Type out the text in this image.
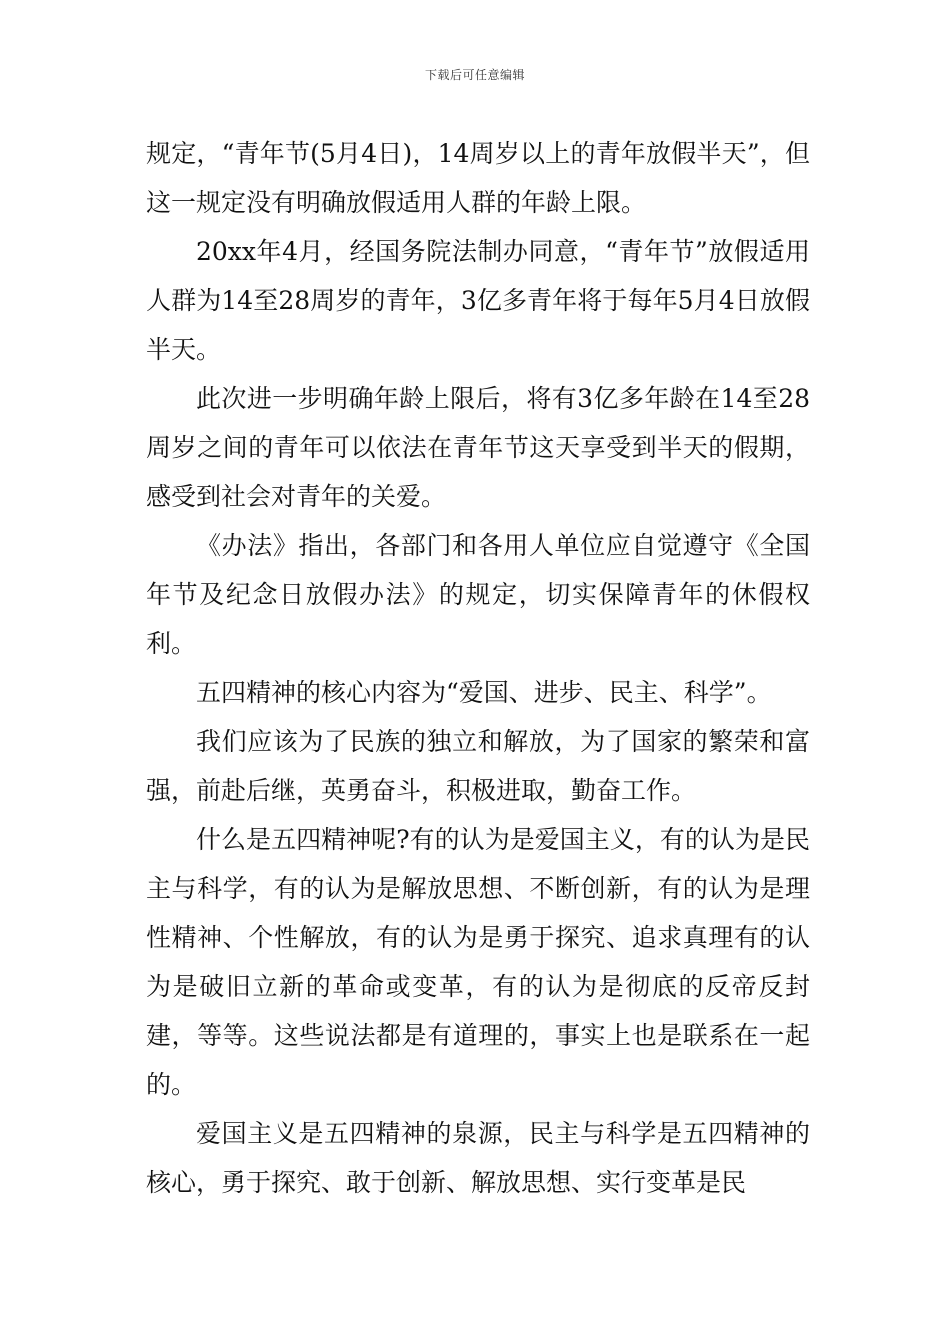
下载后可任意编辑

规定，“青年节(5月4日)，14周岁以上的青年放假半天”，但这一规定没有明确放假适用人群的年龄上限。

20xx年4月，经国务院法制办同意，“青年节”放假适用人群为14至28周岁的青年，3亿多青年将于每年5月4日放假半天。

此次进一步明确年龄上限后，将有3亿多年龄在14至28周岁之间的青年可以依法在青年节这天享受到半天的假期，感受到社会对青年的关爱。

《办法》指出，各部门和各用人单位应自觉遵守《全国年节及纪念日放假办法》的规定，切实保障青年的休假权利。

五四精神的核心内容为“爱国、进步、民主、科学”。

我们应该为了民族的独立和解放，为了国家的繁荣和富强，前赴后继，英勇奋斗，积极进取，勤奋工作。

什么是五四精神呢?有的认为是爱国主义，有的认为是民主与科学，有的认为是解放思想、不断创新，有的认为是理性精神、个性解放，有的认为是勇于探究、追求真理有的认为是破旧立新的革命或变革，有的认为是彻底的反帝反封建，等等。这些说法都是有道理的，事实上也是联系在一起的。

爱国主义是五四精神的泉源，民主与科学是五四精神的核心，勇于探究、敢于创新、解放思想、实行变革是民
